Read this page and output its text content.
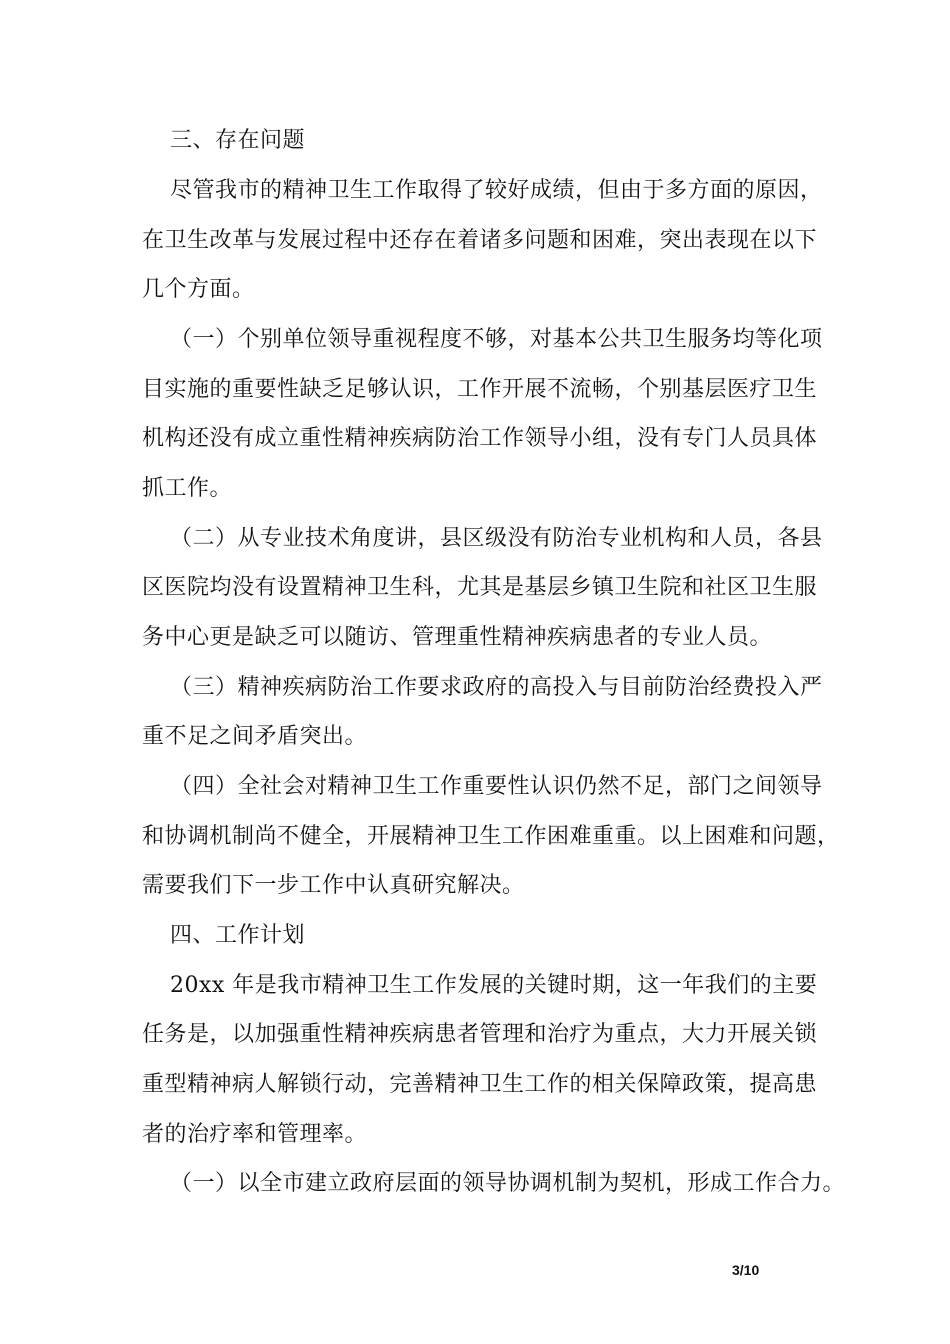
三、存在问题
尽管我市的精神卫生工作取得了较好成绩，但由于多方面的原因，
在卫生改革与发展过程中还存在着诸多问题和困难，突出表现在以下
几个方面。
（一）个别单位领导重视程度不够，对基本公共卫生服务均等化项
目实施的重要性缺乏足够认识，工作开展不流畅，个别基层医疗卫生
机构还没有成立重性精神疾病防治工作领导小组，没有专门人员具体
抓工作。
（二）从专业技术角度讲，县区级没有防治专业机构和人员，各县
区医院均没有设置精神卫生科，尤其是基层乡镇卫生院和社区卫生服
务中心更是缺乏可以随访、管理重性精神疾病患者的专业人员。
（三）精神疾病防治工作要求政府的高投入与目前防治经费投入严
重不足之间矛盾突出。
（四）全社会对精神卫生工作重要性认识仍然不足，部门之间领导
和协调机制尚不健全，开展精神卫生工作困难重重。以上困难和问题，
需要我们下一步工作中认真研究解决。
四、工作计划
20xx 年是我市精神卫生工作发展的关键时期，这一年我们的主要
任务是，以加强重性精神疾病患者管理和治疗为重点，大力开展关锁
重型精神病人解锁行动，完善精神卫生工作的相关保障政策，提高患
者的治疗率和管理率。
（一）以全市建立政府层面的领导协调机制为契机，形成工作合力。
3/10
